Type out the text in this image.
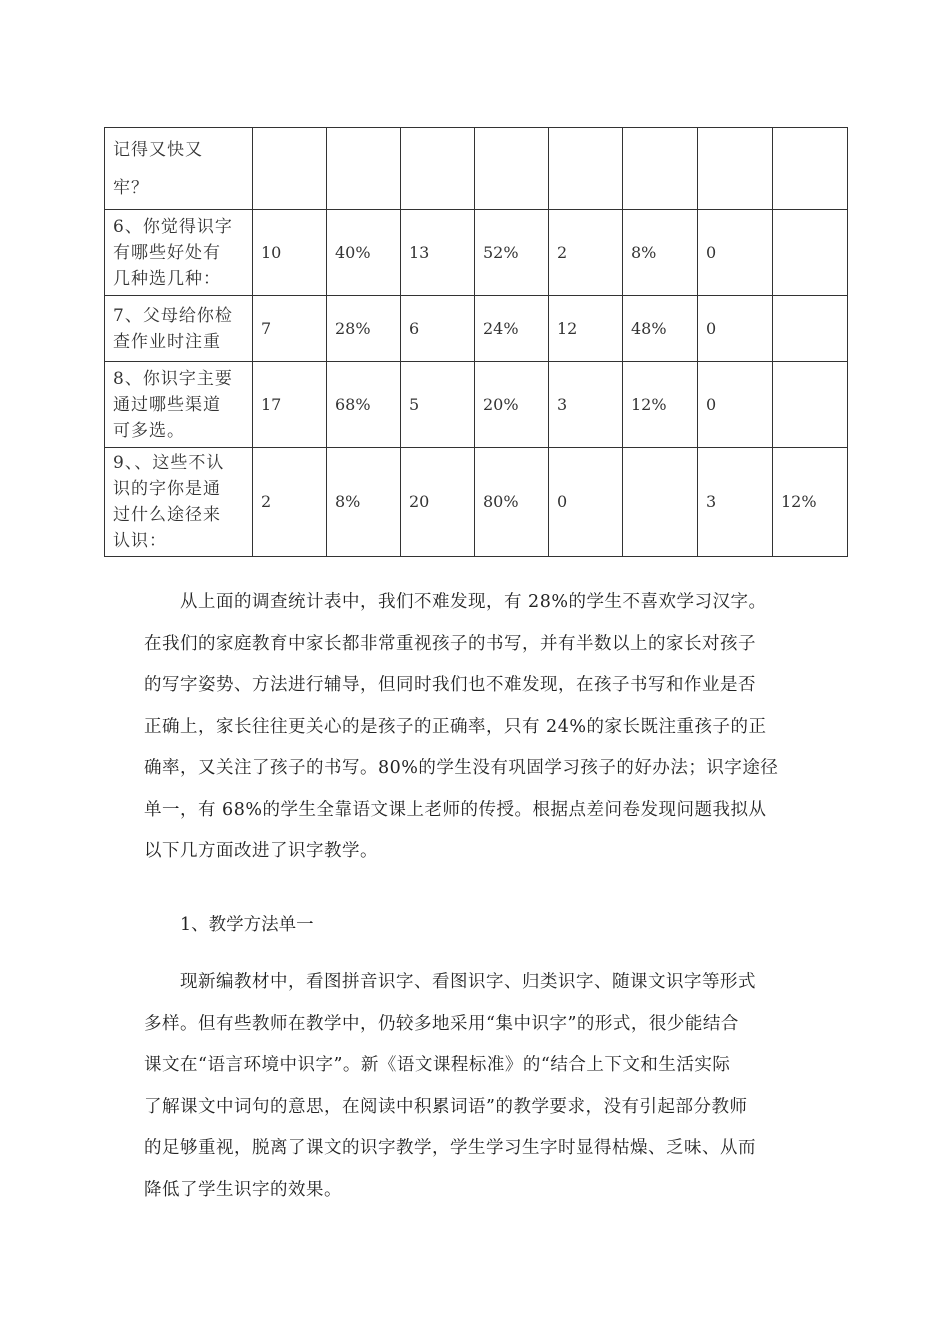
记得又快又
牢？								

6、你觉得识字
有哪些好处有
几种选几种：	10	40%	13	52%	2	8%	0	

7、父母给你检
查作业时注重	7	28%	6	24%	12	48%	0	

8、你识字主要
通过哪些渠道
可多选。	17	68%	5	20%	3	12%	0	

9、、这些不认
识的字你是通
过什么途径来
认识：	2	8%	20	80%	0		3	12%
从上面的调查统计表中，我们不难发现，有 28%的学生不喜欢学习汉字。
在我们的家庭教育中家长都非常重视孩子的书写，并有半数以上的家长对孩子
的写字姿势、方法进行辅导，但同时我们也不难发现，在孩子书写和作业是否
正确上，家长往往更关心的是孩子的正确率，只有 24%的家长既注重孩子的正
确率，又关注了孩子的书写。80%的学生没有巩固学习孩子的好办法；识字途径
单一，有 68%的学生全靠语文课上老师的传授。根据点差问卷发现问题我拟从
以下几方面改进了识字教学。

1、教学方法单一

现新编教材中，看图拼音识字、看图识字、归类识字、随课文识字等形式
多样。但有些教师在教学中，仍较多地采用“集中识字”的形式，很少能结合
课文在“语言环境中识字”。新《语文课程标准》的“结合上下文和生活实际
了解课文中词句的意思，在阅读中积累词语”的教学要求，没有引起部分教师
的足够重视，脱离了课文的识字教学，学生学习生字时显得枯燥、乏味、从而
降低了学生识字的效果。
